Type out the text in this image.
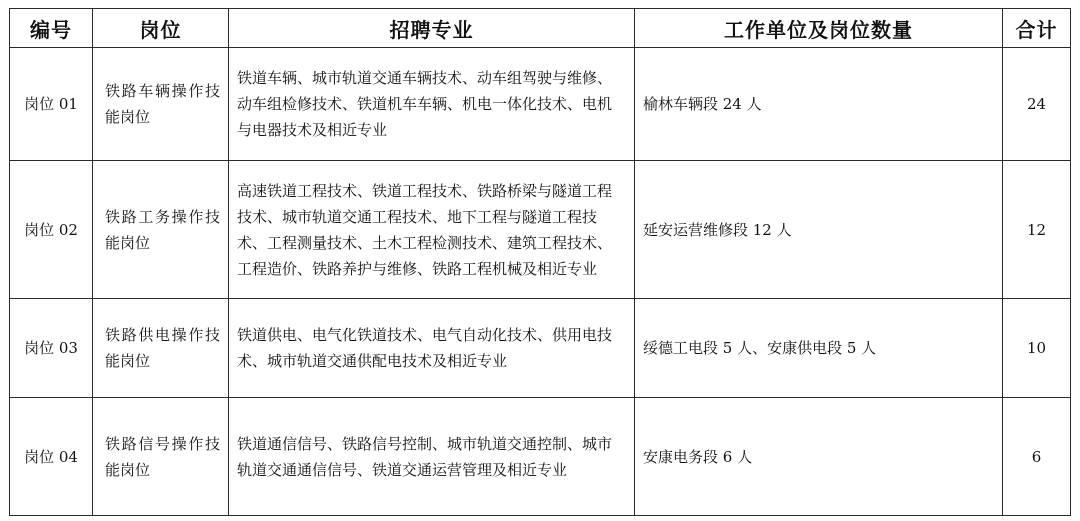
编号	岗位	招聘专业	工作单位及岗位数量	合计
岗位 01	铁路车辆操作技能岗位	铁道车辆、城市轨道交通车辆技术、动车组驾驶与维修、动车组检修技术、铁道机车车辆、机电一体化技术、电机与电器技术及相近专业	榆林车辆段 24 人	24
岗位 02	铁路工务操作技能岗位	高速铁道工程技术、铁道工程技术、铁路桥梁与隧道工程技术、城市轨道交通工程技术、地下工程与隧道工程技术、工程测量技术、土木工程检测技术、建筑工程技术、工程造价、铁路养护与维修、铁路工程机械及相近专业	延安运营维修段 12 人	12
岗位 03	铁路供电操作技能岗位	铁道供电、电气化铁道技术、电气自动化技术、供用电技术、城市轨道交通供配电技术及相近专业	绥德工电段 5 人、安康供电段 5 人	10
岗位 04	铁路信号操作技能岗位	铁道通信信号、铁路信号控制、城市轨道交通控制、城市轨道交通通信信号、铁道交通运营管理及相近专业	安康电务段 6 人	6
